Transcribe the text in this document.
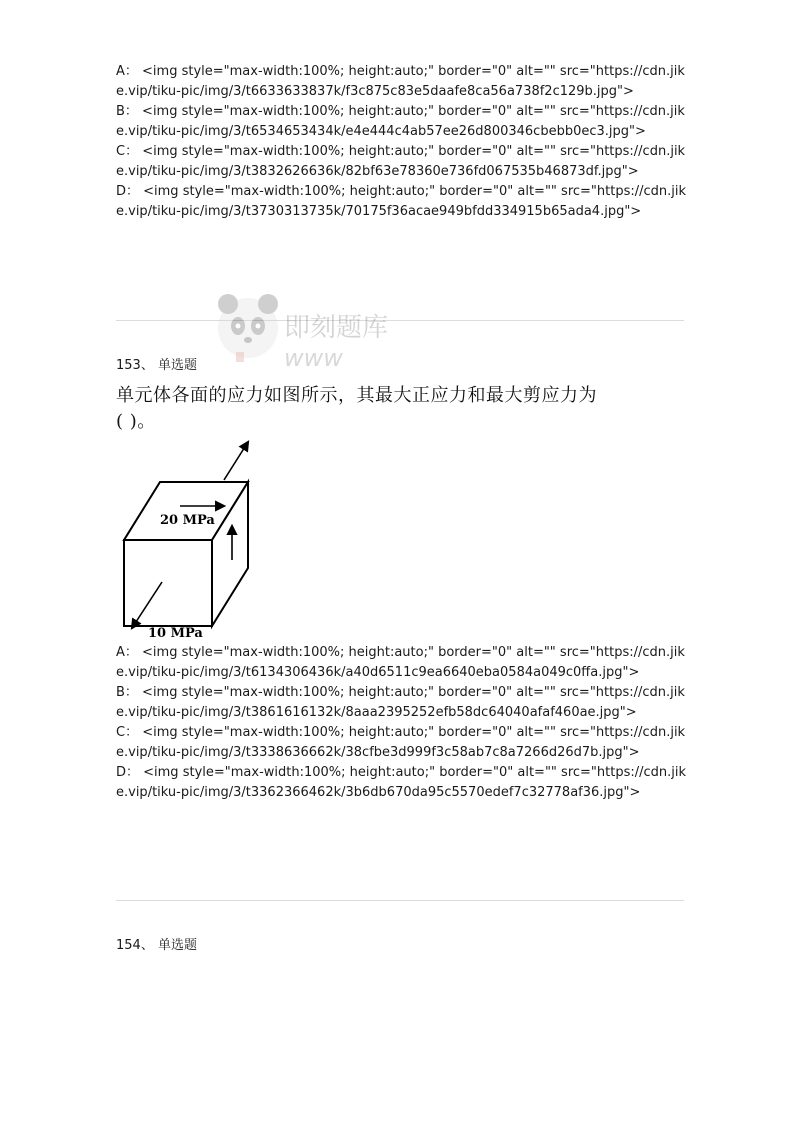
A： <img style="max-width:100%; height:auto;" border="0" alt="" src="https://cdn.jike.vip/tiku-pic/img/3/t6633633837k/f3c875c83e5daafe8ca56a738f2c129b.jpg">

B： <img style="max-width:100%; height:auto;" border="0" alt="" src="https://cdn.jike.vip/tiku-pic/img/3/t6534653434k/e4e444c4ab57ee26d800346cbebb0ec3.jpg">

C： <img style="max-width:100%; height:auto;" border="0" alt="" src="https://cdn.jike.vip/tiku-pic/img/3/t3832626636k/82bf63e78360e736fd067535b46873df.jpg">

D： <img style="max-width:100%; height:auto;" border="0" alt="" src="https://cdn.jike.vip/tiku-pic/img/3/t3730313735k/70175f36acae949bfdd334915b65ada4.jpg">

即刻题库
www
153、 单选题
单元体各面的应力如图所示，其最大正应力和最大剪应力为
( )。
20 MPa
10 MPa

A： <img style="max-width:100%; height:auto;" border="0" alt="" src="https://cdn.jike.vip/tiku-pic/img/3/t6134306436k/a40d6511c9ea6640eba0584a049c0ffa.jpg">

B： <img style="max-width:100%; height:auto;" border="0" alt="" src="https://cdn.jike.vip/tiku-pic/img/3/t3861616132k/8aaa2395252efb58dc64040afaf460ae.jpg">

C： <img style="max-width:100%; height:auto;" border="0" alt="" src="https://cdn.jike.vip/tiku-pic/img/3/t3338636662k/38cfbe3d999f3c58ab7c8a7266d26d7b.jpg">

D： <img style="max-width:100%; height:auto;" border="0" alt="" src="https://cdn.jike.vip/tiku-pic/img/3/t3362366462k/3b6db670da95c5570edef7c32778af36.jpg">

154、 单选题
